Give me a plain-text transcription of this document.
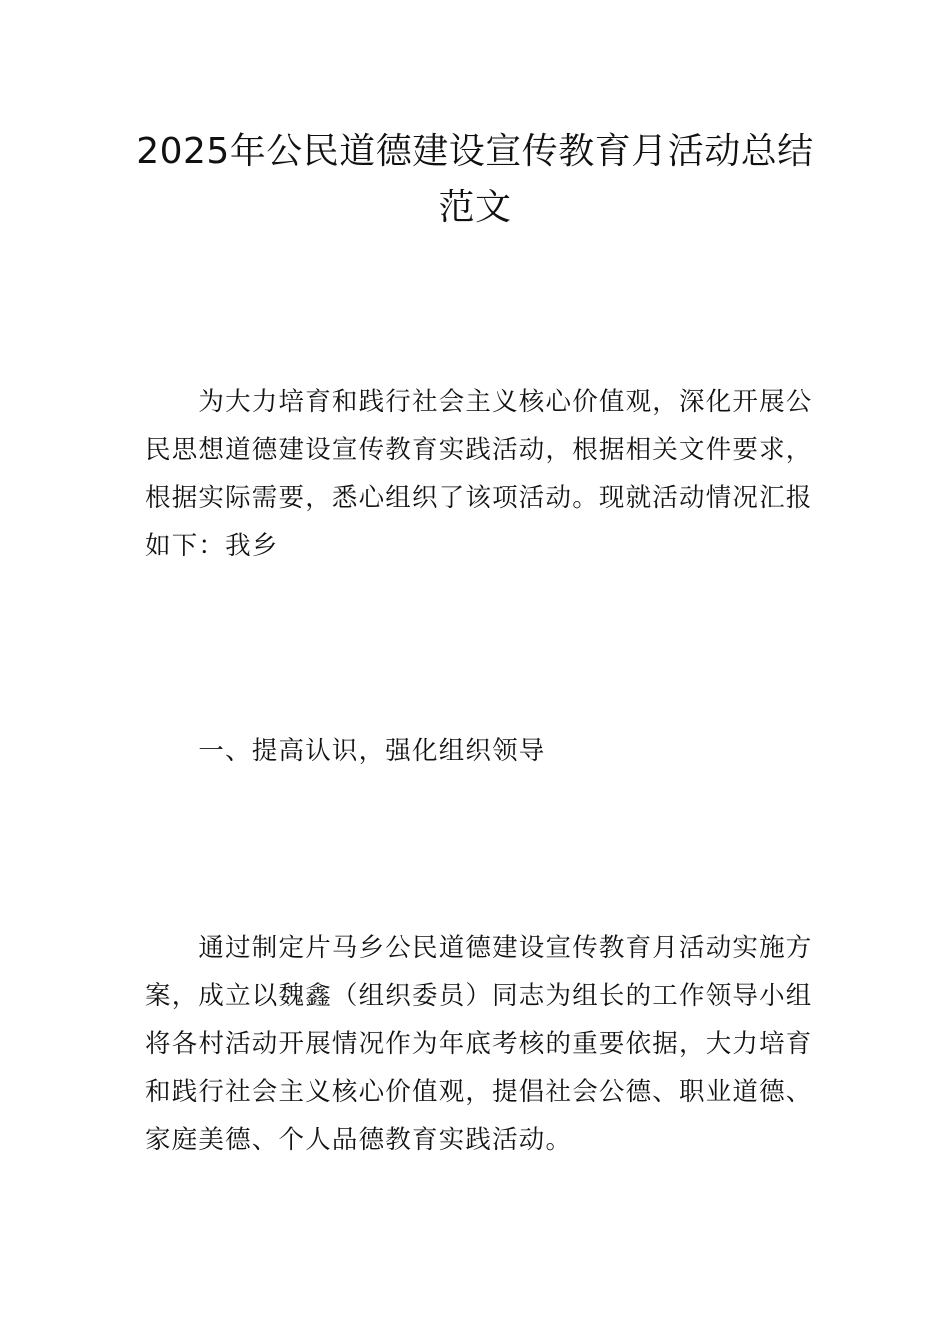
2025年公民道德建设宣传教育月活动总结
范文

　　为大力培育和践行社会主义核心价值观，深化开展公
民思想道德建设宣传教育实践活动，根据相关文件要求，
根据实际需要，悉心组织了该项活动。现就活动情况汇报
如下：我乡

　　一、提高认识，强化组织领导

　　通过制定片马乡公民道德建设宣传教育月活动实施方
案，成立以魏鑫（组织委员）同志为组长的工作领导小组
将各村活动开展情况作为年底考核的重要依据，大力培育
和践行社会主义核心价值观，提倡社会公德、职业道德、
家庭美德、个人品德教育实践活动。
